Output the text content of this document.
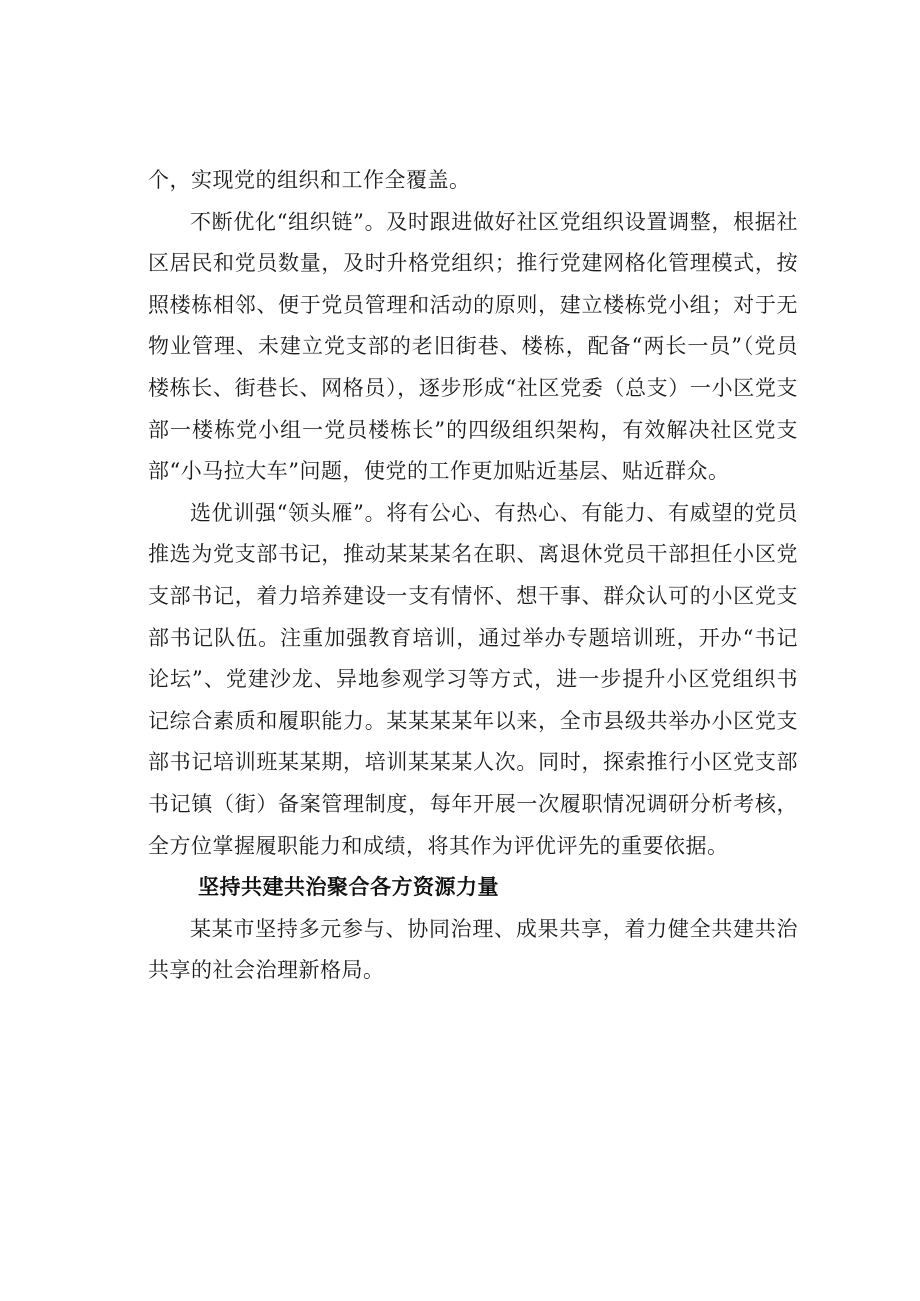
个，实现党的组织和工作全覆盖。

不断优化“组织链”。及时跟进做好社区党组织设置调整，根据社区居民和党员数量，及时升格党组织；推行党建网格化管理模式，按照楼栋相邻、便于党员管理和活动的原则，建立楼栋党小组；对于无物业管理、未建立党支部的老旧街巷、楼栋，配备“两长一员”（党员楼栋长、街巷长、网格员），逐步形成“社区党委（总支）一小区党支部一楼栋党小组一党员楼栋长”的四级组织架构，有效解决社区党支部“小马拉大车”问题，使党的工作更加贴近基层、贴近群众。

选优训强“领头雁”。将有公心、有热心、有能力、有威望的党员推选为党支部书记，推动某某某名在职、离退休党员干部担任小区党支部书记，着力培养建设一支有情怀、想干事、群众认可的小区党支部书记队伍。注重加强教育培训，通过举办专题培训班，开办“书记论坛”、党建沙龙、异地参观学习等方式，进一步提升小区党组织书记综合素质和履职能力。某某某某年以来，全市县级共举办小区党支部书记培训班某某期，培训某某某人次。同时，探索推行小区党支部书记镇（街）备案管理制度，每年开展一次履职情况调研分析考核，全方位掌握履职能力和成绩，将其作为评优评先的重要依据。

坚持共建共治聚合各方资源力量

某某市坚持多元参与、协同治理、成果共享，着力健全共建共治共享的社会治理新格局。
